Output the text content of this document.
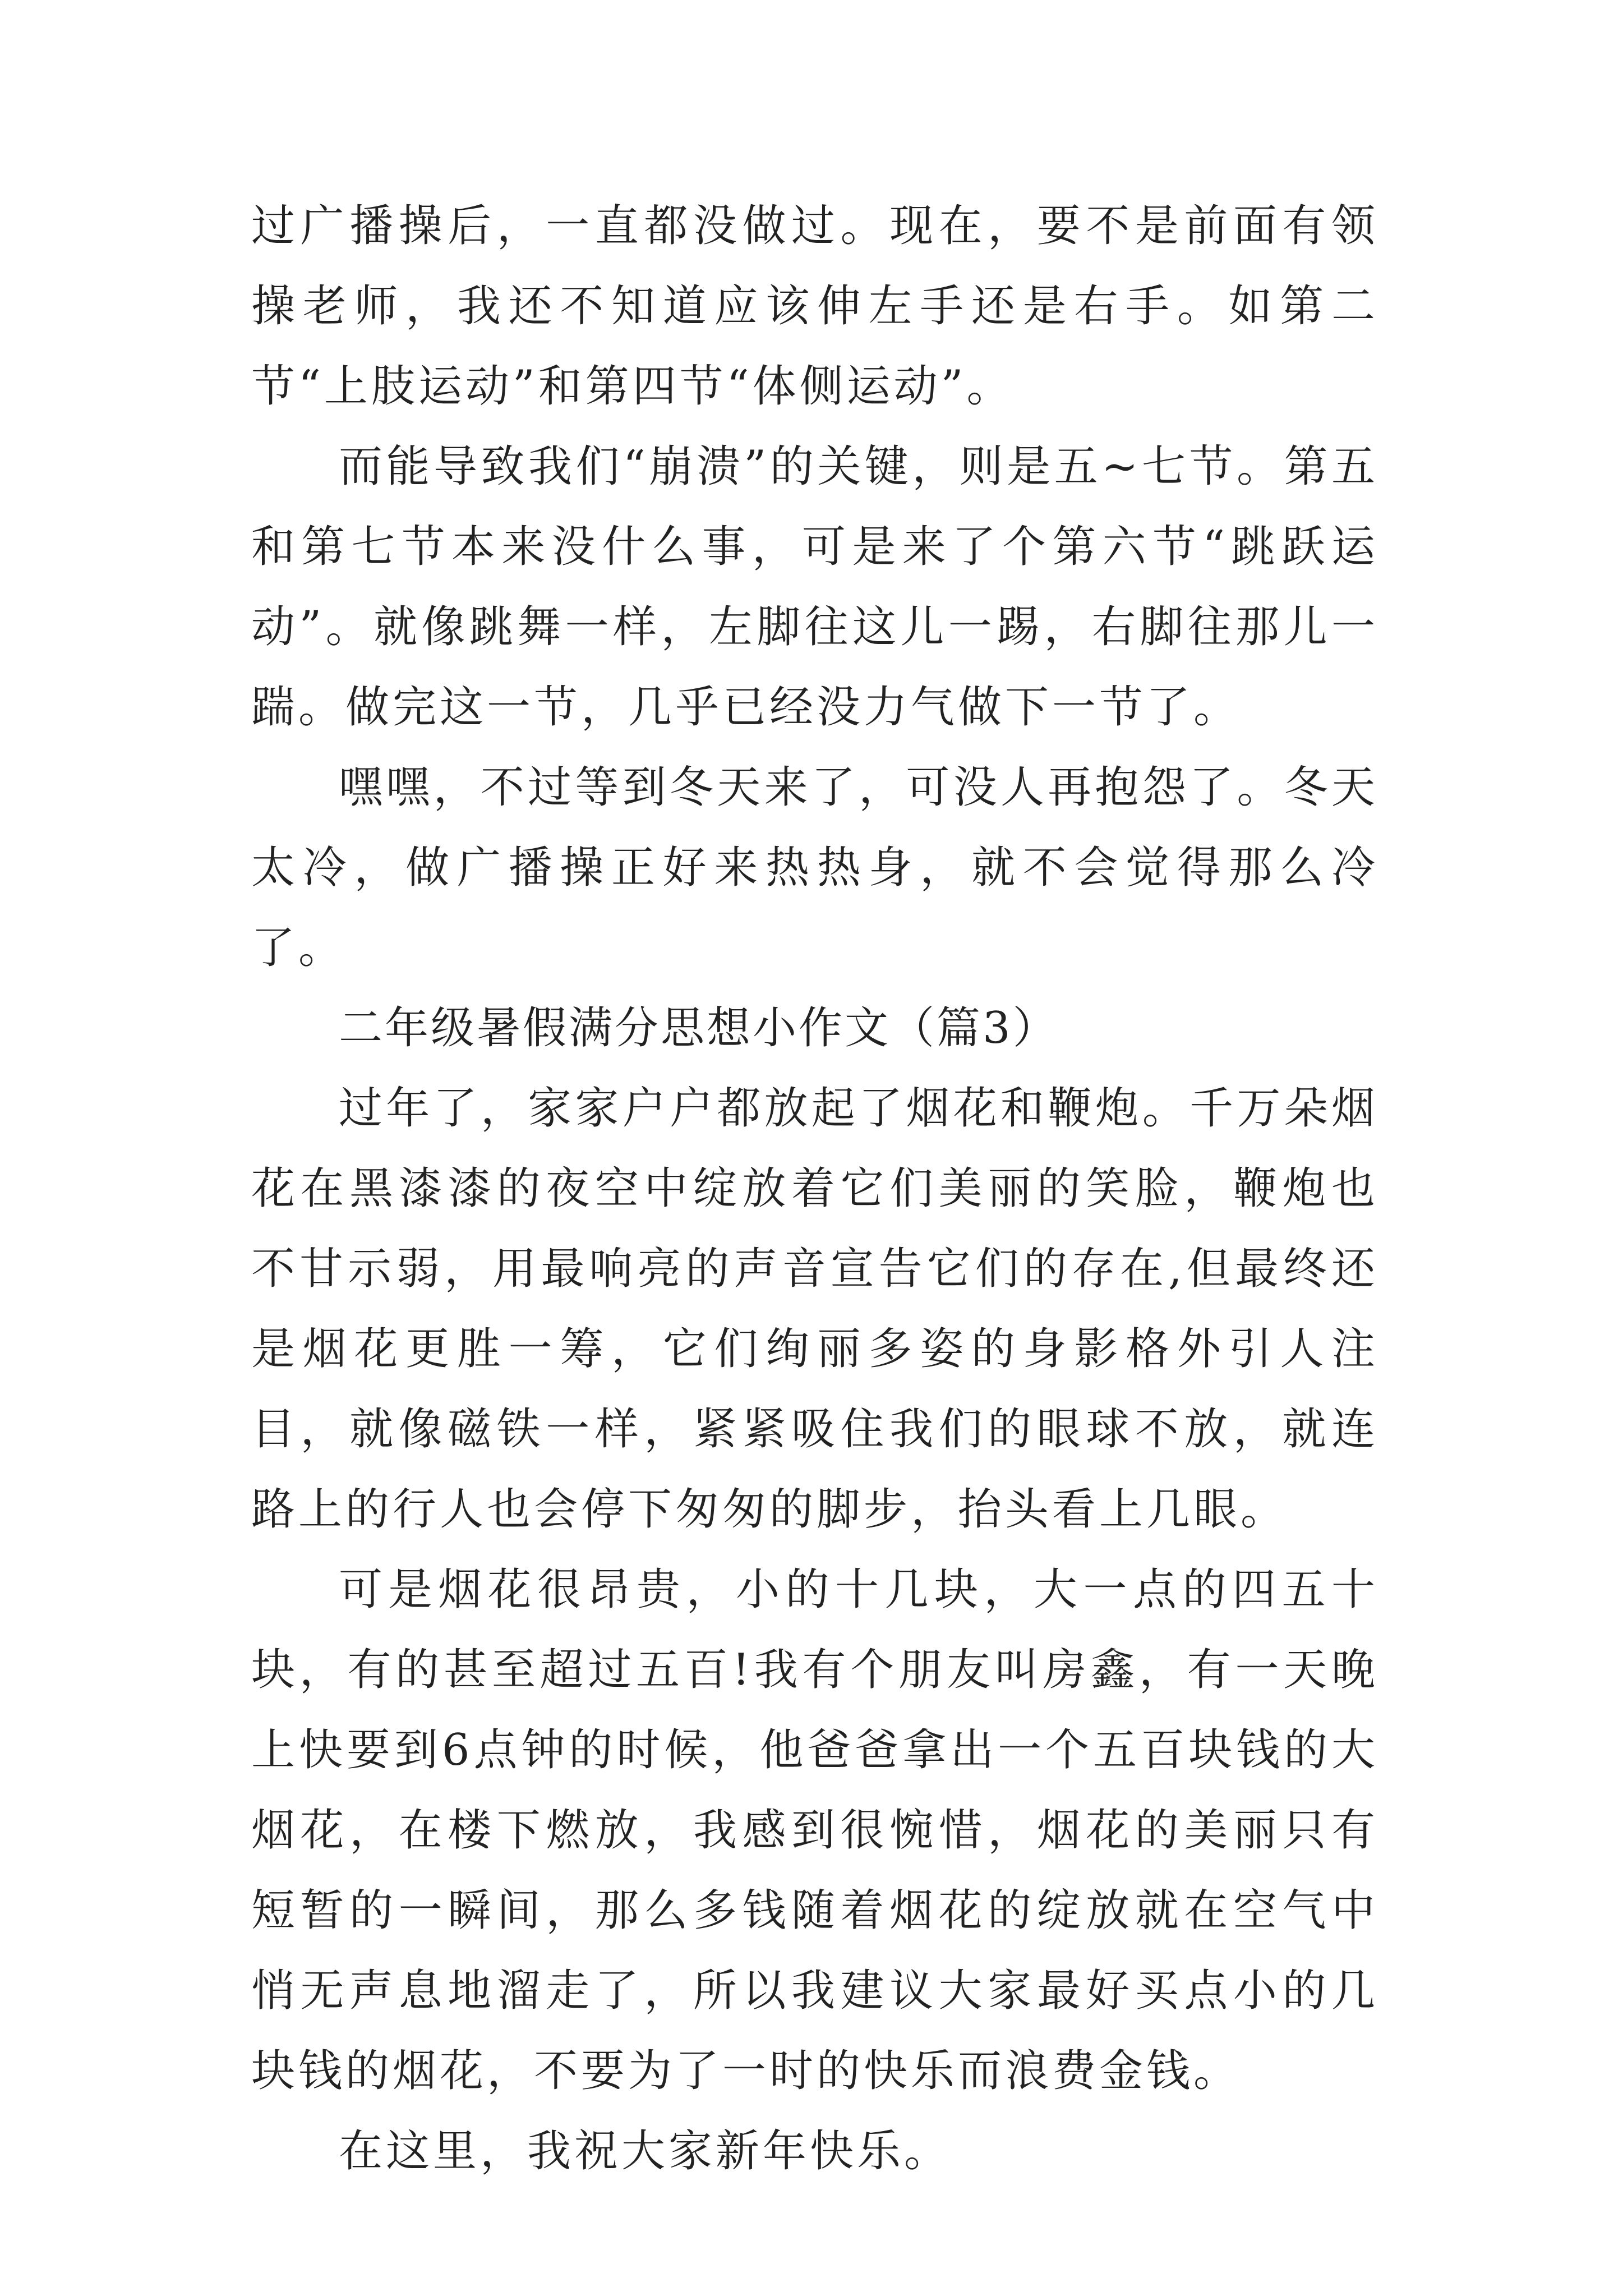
过广播操后，一直都没做过。现在，要不是前面有领操老师，我还不知道应该伸左手还是右手。如第二节“上肢运动”和第四节“体侧运动”。

而能导致我们“崩溃”的关键，则是五~七节。第五和第七节本来没什么事，可是来了个第六节“跳跃运动”。就像跳舞一样，左脚往这儿一踢，右脚往那儿一踹。做完这一节，几乎已经没力气做下一节了。

嘿嘿，不过等到冬天来了，可没人再抱怨了。冬天太冷，做广播操正好来热热身，就不会觉得那么冷了。

二年级暑假满分思想小作文（篇3）

过年了，家家户户都放起了烟花和鞭炮。千万朵烟花在黑漆漆的夜空中绽放着它们美丽的笑脸，鞭炮也不甘示弱，用最响亮的声音宣告它们的存在,但最终还是烟花更胜一筹，它们绚丽多姿的身影格外引人注目，就像磁铁一样，紧紧吸住我们的眼球不放，就连路上的行人也会停下匆匆的脚步，抬头看上几眼。

可是烟花很昂贵，小的十几块，大一点的四五十块，有的甚至超过五百!我有个朋友叫房鑫，有一天晚上快要到6点钟的时候，他爸爸拿出一个五百块钱的大烟花，在楼下燃放，我感到很惋惜，烟花的美丽只有短暂的一瞬间，那么多钱随着烟花的绽放就在空气中悄无声息地溜走了，所以我建议大家最好买点小的几块钱的烟花，不要为了一时的快乐而浪费金钱。

在这里，我祝大家新年快乐。
